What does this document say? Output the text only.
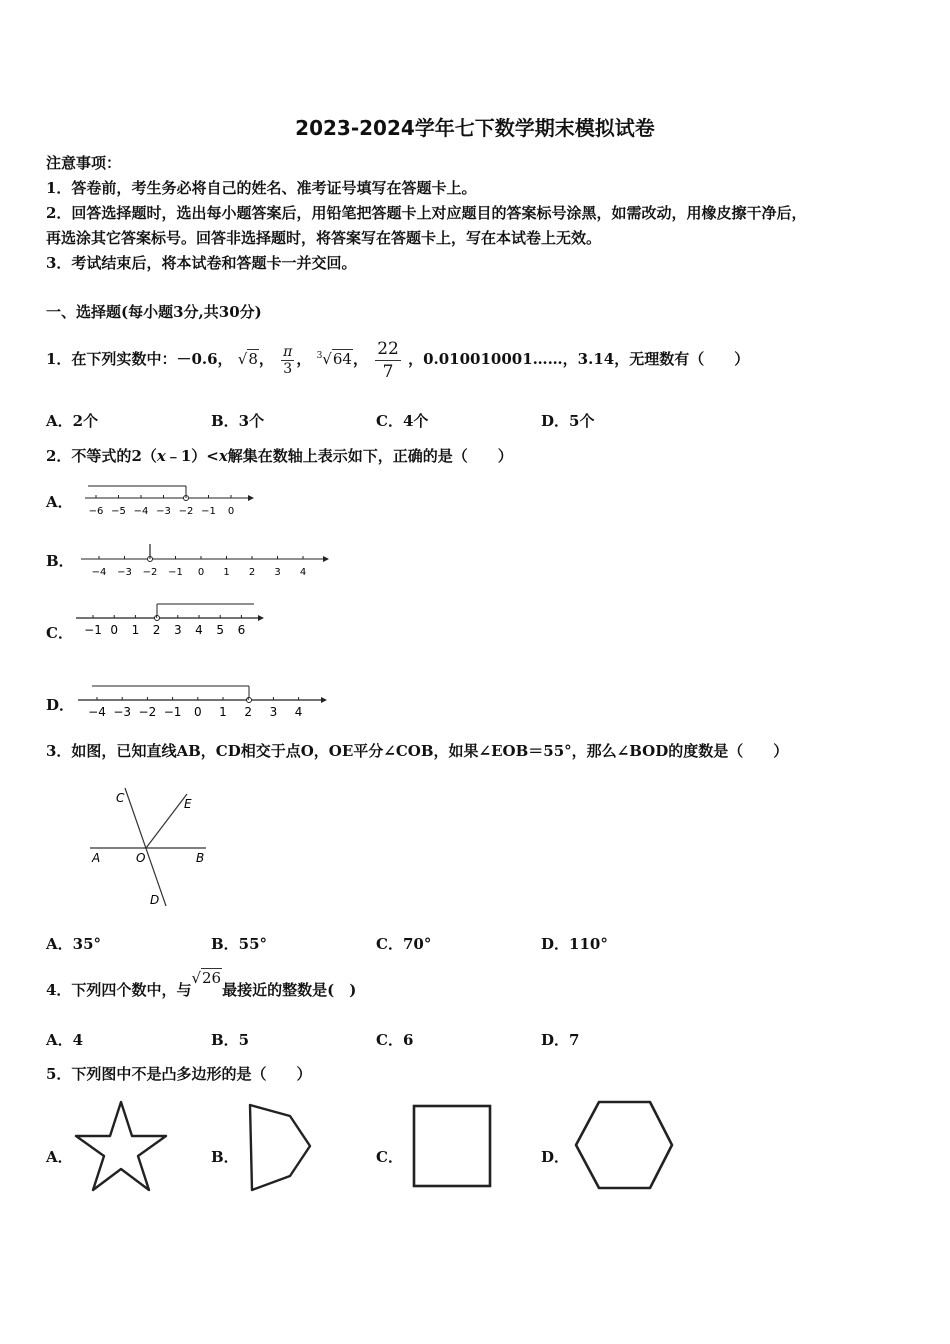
2023-2024学年七下数学期末模拟试卷
注意事项：
1．答卷前，考生务必将自己的姓名、准考证号填写在答题卡上。
2．回答选择题时，选出每小题答案后，用铅笔把答题卡上对应题目的答案标号涂黑，如需改动，用橡皮擦干净后，
再选涂其它答案标号。回答非选择题时，将答案写在答题卡上，写在本试卷上无效。
3．考试结束后，将本试卷和答题卡一并交回。
一、选择题(每小题3分,共30分)
1．在下列实数中：－0.6， √8， $\frac{\pi}{3}$ ， $^3$√64， $\frac{22}{7}$ ，0.010010001……，3.14，无理数有（　　）
A．2个	B．3个	C．4个	D．5个
2．不等式的2（x﹣1）<x解集在数轴上表示如下，正确的是（　　）
A．
−6 −5 −4 −3 −2 −1 0
B．
−4 −3 −2 −1 0 1 2 3 4
C． −1 0 1 2 3 4 5 6
D． −4 −3 −2 −1 0 1 2 3 4
3．如图，已知直线AB，CD相交于点O，OE平分∠COB，如果∠EOB＝55°，那么∠BOD的度数是（　　）
C	E
A	O	B
D
A．35°	B．55°	C．70°	D．110°
4．下列四个数中，与√26最接近的整数是(　)
A．4	B．5	C．6	D．7
5．下列图中不是凸多边形的是（　　）
A．	B．	C．	D．
